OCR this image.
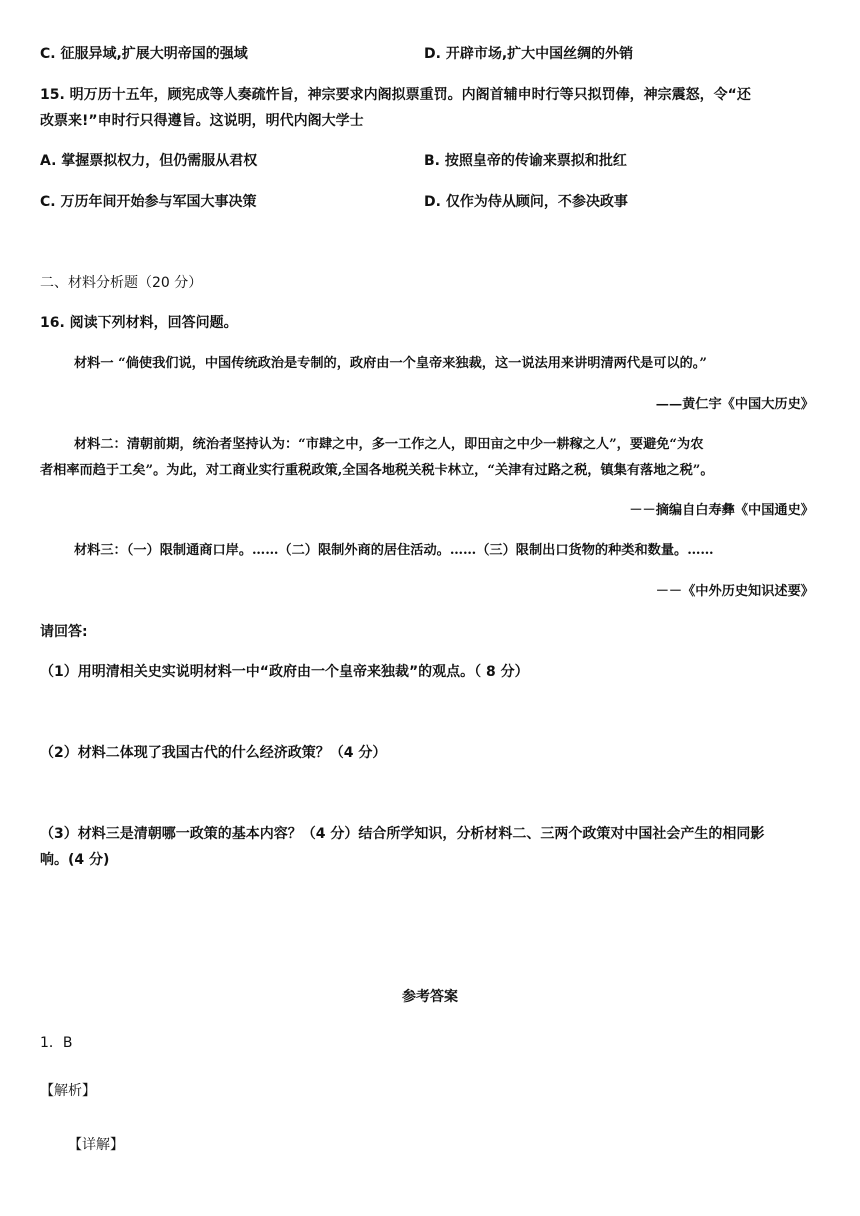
C. 征服异域,扩展大明帝国的强域	D. 开辟市场,扩大中国丝绸的外销
15. 明万历十五年，顾宪成等人奏疏忤旨，神宗要求内阁拟票重罚。内阁首辅申时行等只拟罚俸，神宗震怒，令“还
改票来!”申时行只得遵旨。这说明，明代内阁大学士
A. 掌握票拟权力，但仍需服从君权	B. 按照皇帝的传谕来票拟和批红
C. 万历年间开始参与军国大事决策	D. 仅作为侍从顾问，不参决政事
二、材料分析题（20 分）
16. 阅读下列材料，回答问题。
材料一 “倘使我们说，中国传统政治是专制的，政府由一个皇帝来独裁，这一说法用来讲明清两代是可以的。”
——黄仁宇《中国大历史》
材料二：清朝前期，统治者坚持认为：“市肆之中，多一工作之人，即田亩之中少一耕稼之人”，要避免“为农
者相率而趋于工矣”。为此，对工商业实行重税政策,全国各地税关税卡林立，“关津有过路之税，镇集有落地之税”。
－－摘编自白寿彝《中国通史》
材料三：（一）限制通商口岸。……（二）限制外商的居住活动。……（三）限制出口货物的种类和数量。……
－－《中外历史知识述要》
请回答:
（1）用明清相关史实说明材料一中“政府由一个皇帝来独裁”的观点。（ 8 分）
（2）材料二体现了我国古代的什么经济政策？（4 分）
（3）材料三是清朝哪一政策的基本内容？（4 分）结合所学知识，分析材料二、三两个政策对中国社会产生的相同影
响。(4 分)
参考答案
1．B
【解析】
【详解】
